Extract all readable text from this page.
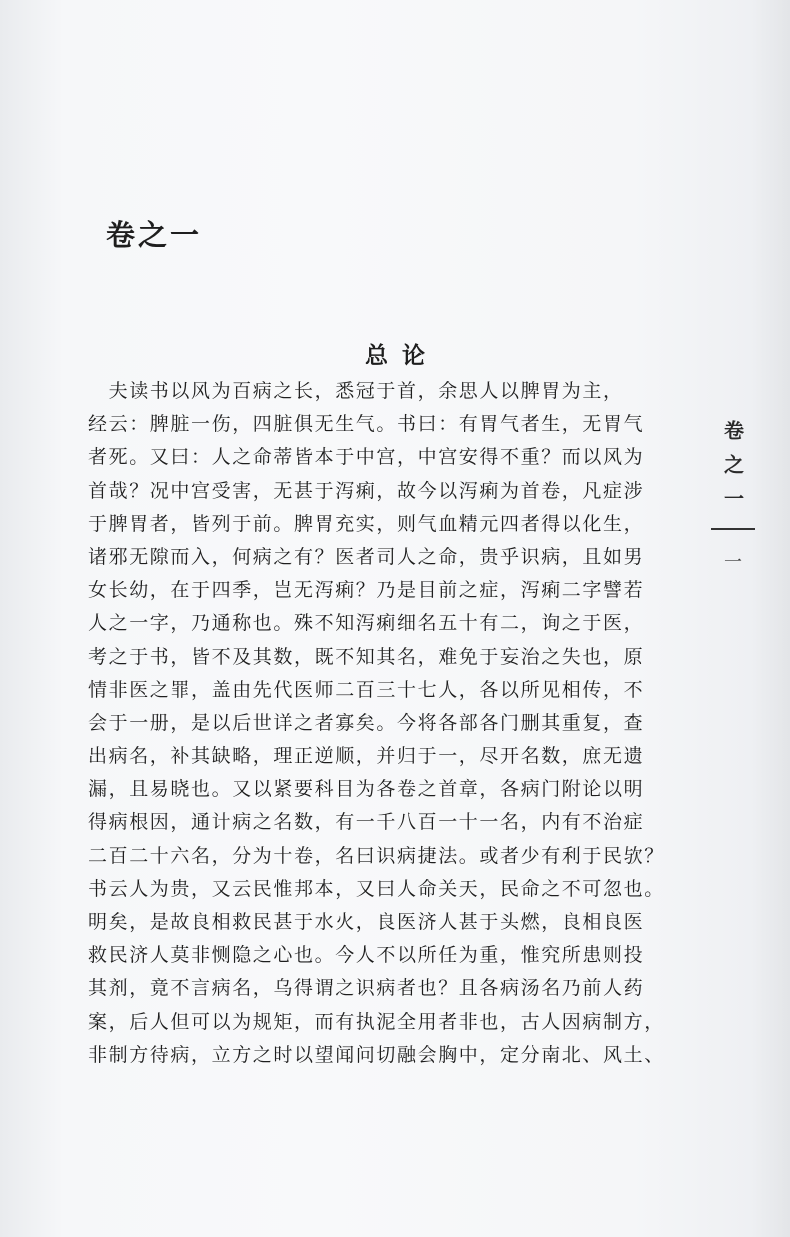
卷之一
总论
　夫读书以风为百病之长，悉冠于首，余思人以脾胃为主，
经云：脾脏一伤，四脏俱无生气。书曰：有胃气者生，无胃气
者死。又曰：人之命蒂皆本于中宫，中宫安得不重？而以风为
首哉？况中宫受害，无甚于泻痢，故今以泻痢为首卷，凡症涉
于脾胃者，皆列于前。脾胃充实，则气血精元四者得以化生，
诸邪无隙而入，何病之有？医者司人之命，贵乎识病，且如男
女长幼，在于四季，岂无泻痢？乃是目前之症，泻痢二字譬若
人之一字，乃通称也。殊不知泻痢细名五十有二，询之于医，
考之于书，皆不及其数，既不知其名，难免于妄治之失也，原
情非医之罪，盖由先代医师二百三十七人，各以所见相传，不
会于一册，是以后世详之者寡矣。今将各部各门删其重复，查
出病名，补其缺略，理正逆顺，并归于一，尽开名数，庶无遗
漏，且易晓也。又以紧要科目为各卷之首章，各病门附论以明
得病根因，通计病之名数，有一千八百一十一名，内有不治症
二百二十六名，分为十卷，名曰识病捷法。或者少有利于民欤？
书云人为贵，又云民惟邦本，又曰人命关天，民命之不可忽也。
明矣，是故良相救民甚于水火，良医济人甚于头燃，良相良医
救民济人莫非恻隐之心也。今人不以所任为重，惟究所患则投
其剂，竟不言病名，乌得谓之识病者也？且各病汤名乃前人药
案，后人但可以为规矩，而有执泥全用者非也，古人因病制方，
非制方待病，立方之时以望闻问切融会胸中，定分南北、风土、
卷之一
一
